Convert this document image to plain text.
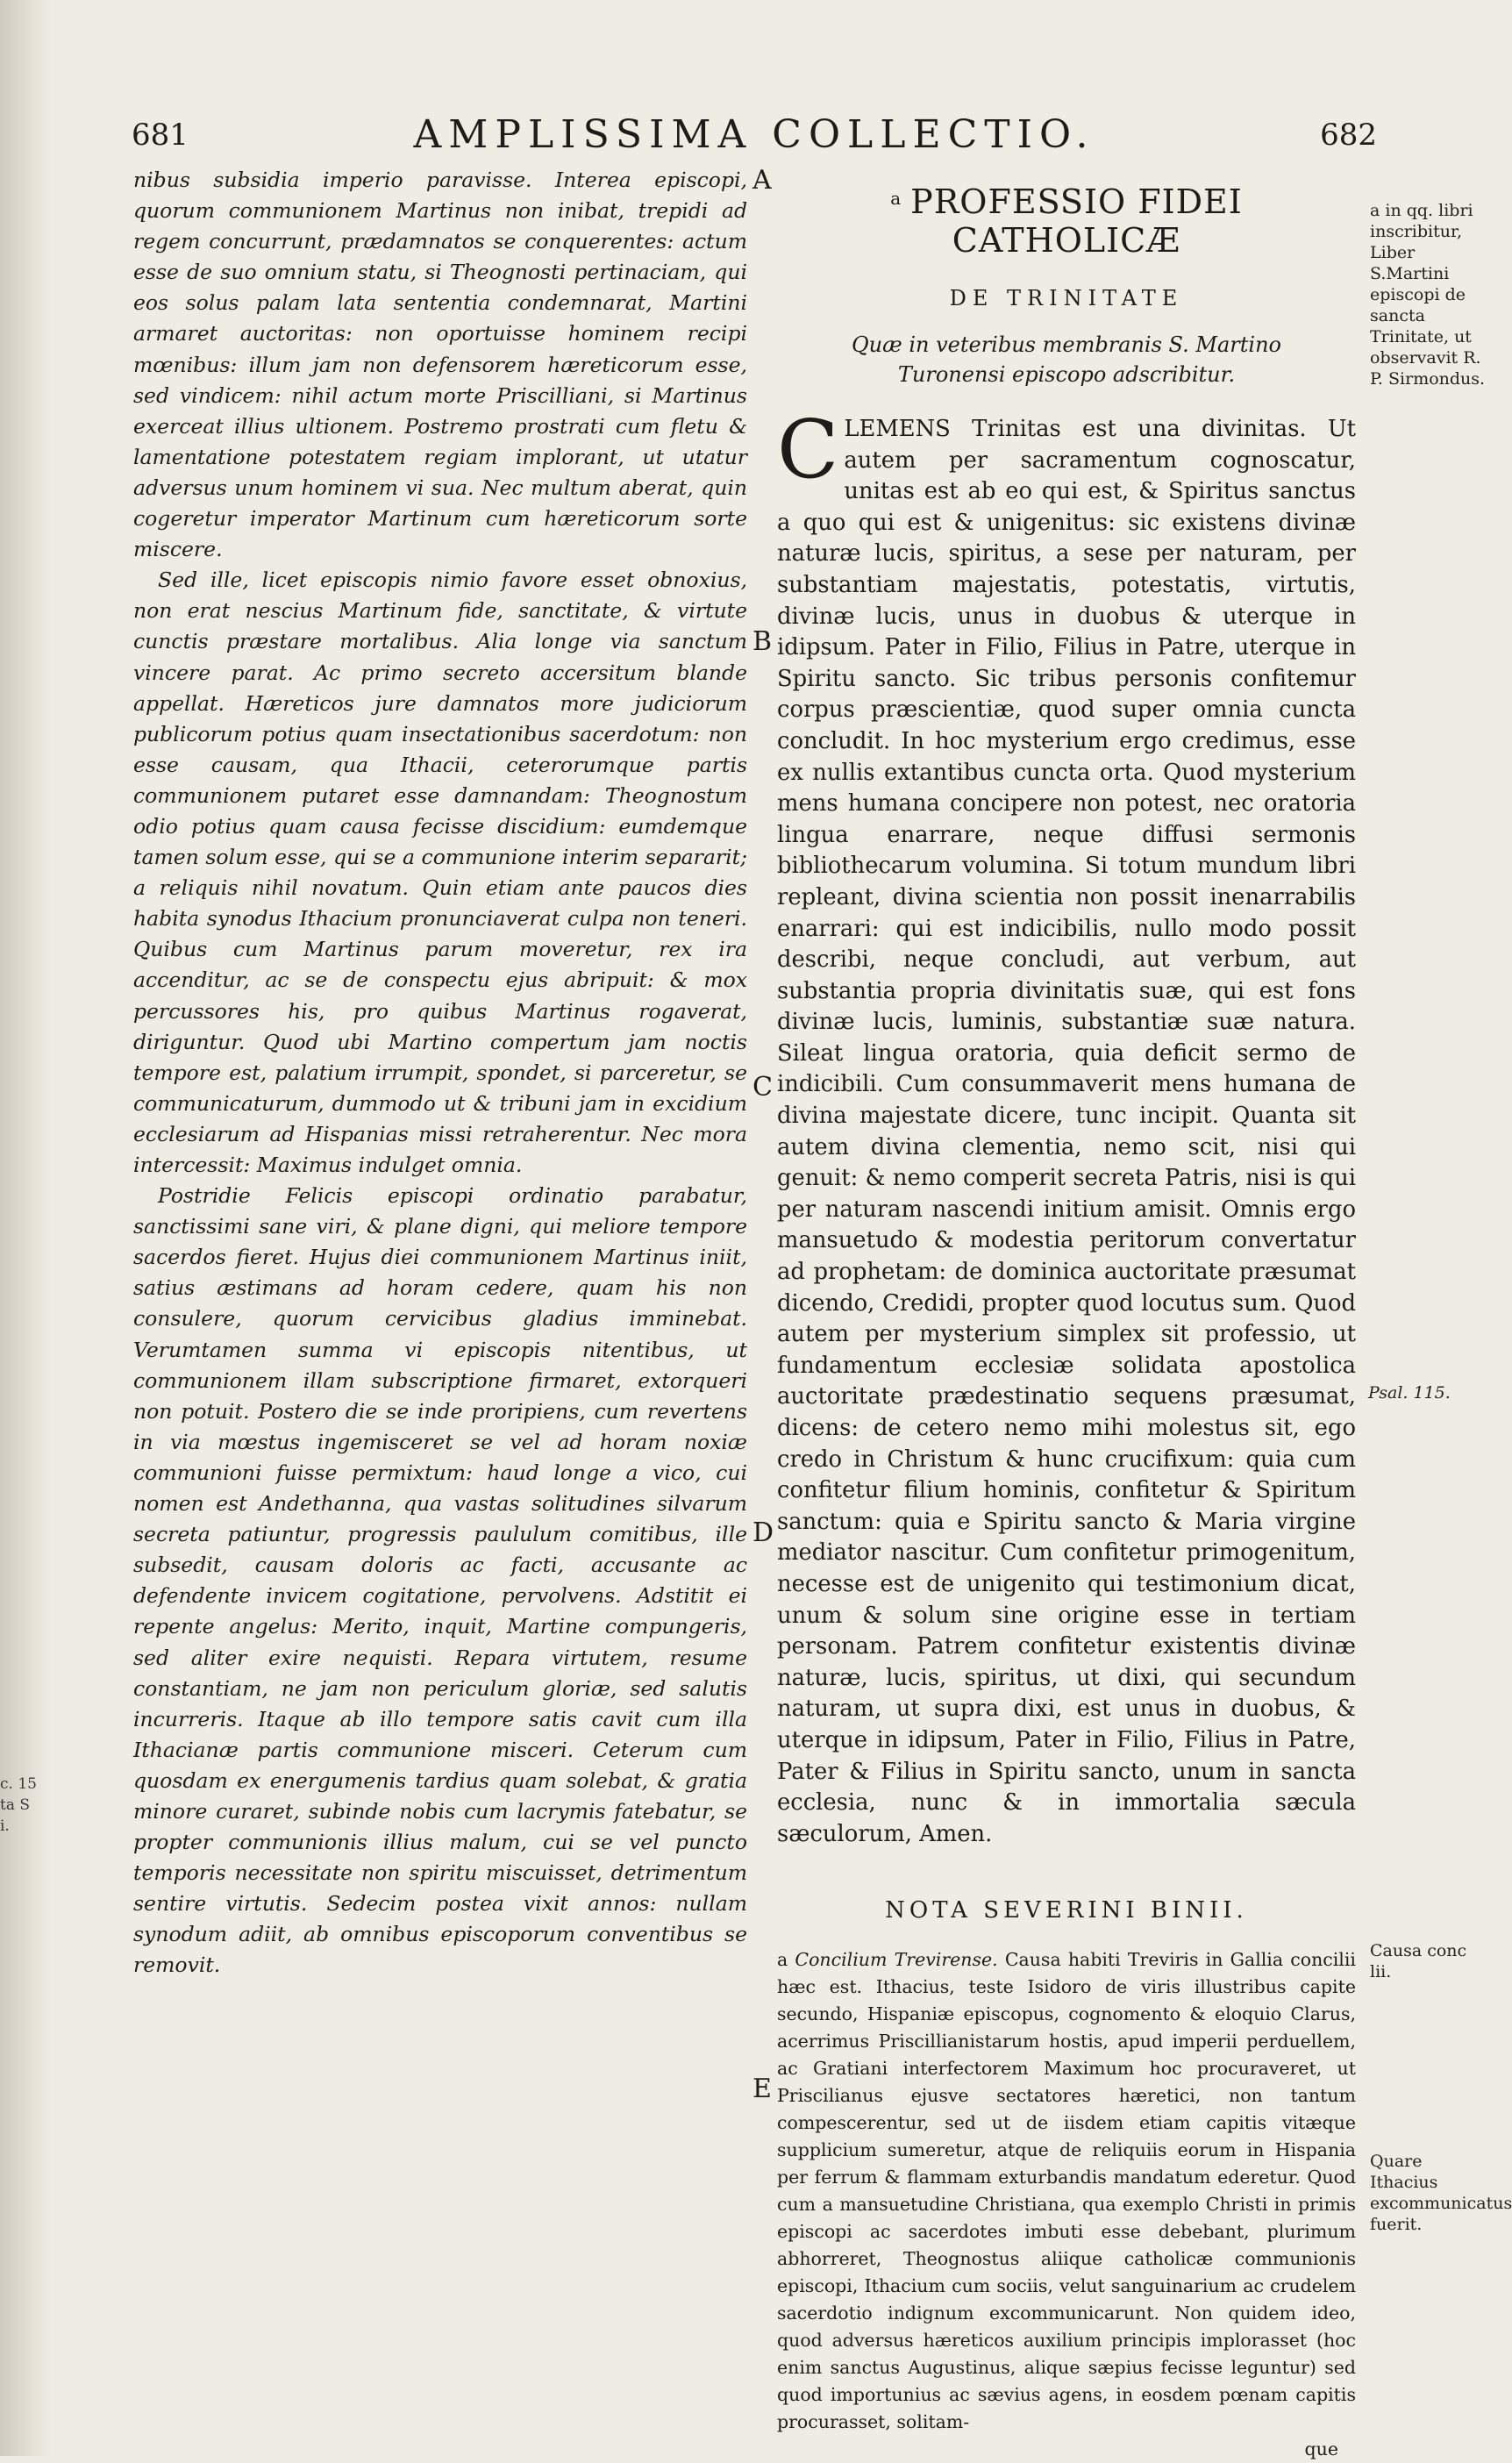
c. 15
ta S
i.
681	AMPLISSIMA COLLECTIO.	682

nibus subsidia imperio paravisse. Interea episcopi, quorum communionem Martinus non inibat, trepidi ad regem concurrunt, prædamnatos se conquerentes: actum esse de suo omnium statu, si Theognosti pertinaciam, qui eos solus palam lata sententia condemnarat, Martini armaret auctoritas: non oportuisse hominem recipi mœnibus: illum jam non defensorem hæreticorum esse, sed vindicem: nihil actum morte Priscilliani, si Martinus exerceat illius ultionem. Postremo prostrati cum fletu & lamentatione potestatem regiam implorant, ut utatur adversus unum hominem vi sua. Nec multum aberat, quin cogeretur imperator Martinum cum hæreticorum sorte miscere.

Sed ille, licet episcopis nimio favore esset obnoxius, non erat nescius Martinum fide, sanctitate, & virtute cunctis præstare mortalibus. Alia longe via sanctum vincere parat. Ac primo secreto accersitum blande appellat. Hæreticos jure damnatos more judiciorum publicorum potius quam insectationibus sacerdotum: non esse causam, qua Ithacii, ceterorumque partis communionem putaret esse damnandam: Theognostum odio potius quam causa fecisse discidium: eumdemque tamen solum esse, qui se a communione interim separarit; a reliquis nihil novatum. Quin etiam ante paucos dies habita synodus Ithacium pronunciaverat culpa non teneri. Quibus cum Martinus parum moveretur, rex ira accenditur, ac se de conspectu ejus abripuit: & mox percussores his, pro quibus Martinus rogaverat, diriguntur. Quod ubi Martino compertum jam noctis tempore est, palatium irrumpit, spondet, si parceretur, se communicaturum, dummodo ut & tribuni jam in excidium ecclesiarum ad Hispanias missi retraherentur. Nec mora intercessit: Maximus indulget omnia.

Postridie Felicis episcopi ordinatio parabatur, sanctissimi sane viri, & plane digni, qui meliore tempore sacerdos fieret. Hujus diei communionem Martinus iniit, satius æstimans ad horam cedere, quam his non consulere, quorum cervicibus gladius imminebat. Verumtamen summa vi episcopis nitentibus, ut communionem illam subscriptione firmaret, extorqueri non potuit. Postero die se inde proripiens, cum revertens in via mœstus ingemisceret se vel ad horam noxiæ communioni fuisse permixtum: haud longe a vico, cui nomen est Andethanna, qua vastas solitudines silvarum secreta patiuntur, progressis paululum comitibus, ille subsedit, causam doloris ac facti, accusante ac defendente invicem cogitatione, pervolvens. Adstitit ei repente angelus: Merito, inquit, Martine compungeris, sed aliter exire nequisti. Repara virtutem, resume constantiam, ne jam non periculum gloriæ, sed salutis incurreris. Itaque ab illo tempore satis cavit cum illa Ithacianæ partis communione misceri. Ceterum cum quosdam ex energumenis tardius quam solebat, & gratia minore curaret, subinde nobis cum lacrymis fatebatur, se propter communionis illius malum, cui se vel puncto temporis necessitate non spiritu miscuisset, detrimentum sentire virtutis. Sedecim postea vixit annos: nullam synodum adiit, ab omnibus episcoporum conventibus se removit.

A
B
C
D
E
$^a$ PROFESSIO FIDEI CATHOLICÆ
DE TRINITATE
Quæ in veteribus membranis S. Martino Turonensi episcopo adscribitur.
CLEMENS Trinitas est una divinitas. Ut autem per sacramentum cognoscatur, unitas est ab eo qui est, & Spiritus sanctus a quo qui est & unigenitus: sic existens divinæ naturæ lucis, spiritus, a sese per naturam, per substantiam majestatis, potestatis, virtutis, divinæ lucis, unus in duobus & uterque in idipsum. Pater in Filio, Filius in Patre, uterque in Spiritu sancto. Sic tribus personis confitemur corpus præscientiæ, quod super omnia cuncta concludit. In hoc mysterium ergo credimus, esse ex nullis extantibus cuncta orta. Quod mysterium mens humana concipere non potest, nec oratoria lingua enarrare, neque diffusi sermonis bibliothecarum volumina. Si totum mundum libri repleant, divina scientia non possit inenarrabilis enarrari: qui est indicibilis, nullo modo possit describi, neque concludi, aut verbum, aut substantia propria divinitatis suæ, qui est fons divinæ lucis, luminis, substantiæ suæ natura. Sileat lingua oratoria, quia deficit sermo de indicibili. Cum consummaverit mens humana de divina majestate dicere, tunc incipit. Quanta sit autem divina clementia, nemo scit, nisi qui genuit: & nemo comperit secreta Patris, nisi is qui per naturam nascendi initium amisit. Omnis ergo mansuetudo & modestia peritorum convertatur ad prophetam: de dominica auctoritate præsumat dicendo, Credidi, propter quod locutus sum. Quod autem per mysterium simplex sit professio, ut fundamentum ecclesiæ solidata apostolica auctoritate prædestinatio sequens præsumat, dicens: de cetero nemo mihi molestus sit, ego credo in Christum & hunc crucifixum: quia cum confitetur filium hominis, confitetur & Spiritum sanctum: quia e Spiritu sancto & Maria virgine mediator nascitur. Cum confitetur primogenitum, necesse est de unigenito qui testimonium dicat, unum & solum sine origine esse in tertiam personam. Patrem confitetur existentis divinæ naturæ, lucis, spiritus, ut dixi, qui secundum naturam, ut supra dixi, est unus in duobus, & uterque in idipsum, Pater in Filio, Filius in Patre, Pater & Filius in Spiritu sancto, unum in sancta ecclesia, nunc & in immortalia sæcula sæculorum, Amen.
NOTA SEVERINI BINII.
a Concilium Trevirense. Causa habiti Treviris in Gallia concilii hæc est. Ithacius, teste Isidoro de viris illustribus capite secundo, Hispaniæ episcopus, cognomento & eloquio Clarus, acerrimus Priscillianistarum hostis, apud imperii perduellem, ac Gratiani interfectorem Maximum hoc procuraveret, ut Priscilianus ejusve sectatores hæretici, non tantum compescerentur, sed ut de iisdem etiam capitis vitæque supplicium sumeretur, atque de reliquiis eorum in Hispania per ferrum & flammam exturbandis mandatum ederetur. Quod cum a mansuetudine Christiana, qua exemplo Christi in primis episcopi ac sacerdotes imbuti esse debebant, plurimum abhorreret, Theognostus aliique catholicæ communionis episcopi, Ithacium cum sociis, velut sanguinarium ac crudelem sacerdotio indignum excommunicarunt. Non quidem ideo, quod adversus hæreticos auxilium principis implorasset (hoc enim sanctus Augustinus, alique sæpius fecisse leguntur) sed quod importunius ac sævius agens, in eosdem pœnam capitis procurasset, solitam-
que
a in qq. libri inscribitur, Liber S.Martini episcopi de sancta Trinitate, ut observavit R. P. Sirmondus.
Psal. 115.
Causa conc lii.
Quare Ithacius excommunicatus fuerit.
